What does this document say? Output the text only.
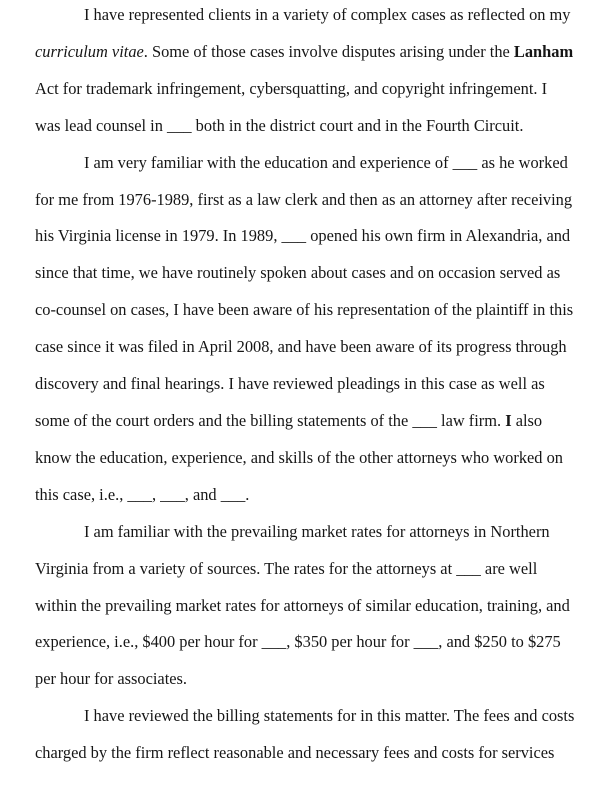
I have represented clients in a variety of complex cases as reflected on my
curriculum vitae. Some of those cases involve disputes arising under the Lanham
Act for trademark infringement, cybersquatting, and copyright infringement. I
was lead counsel in ___ both in the district court and in the Fourth Circuit.
I am very familiar with the education and experience of ___ as he worked
for me from 1976-1989, first as a law clerk and then as an attorney after receiving
his Virginia license in 1979. In 1989, ___ opened his own firm in Alexandria, and
since that time, we have routinely spoken about cases and on occasion served as
co-counsel on cases, I have been aware of his representation of the plaintiff in this
case since it was filed in April 2008, and have been aware of its progress through
discovery and final hearings. I have reviewed pleadings in this case as well as
some of the court orders and the billing statements of the ___ law firm. I also
know the education, experience, and skills of the other attorneys who worked on
this case, i.e., ___, ___, and ___.
I am familiar with the prevailing market rates for attorneys in Northern
Virginia from a variety of sources. The rates for the attorneys at ___ are well
within the prevailing market rates for attorneys of similar education, training, and
experience, i.e., $400 per hour for ___, $350 per hour for ___, and $250 to $275
per hour for associates.
I have reviewed the billing statements for in this matter. The fees and costs
charged by the firm reflect reasonable and necessary fees and costs for services
